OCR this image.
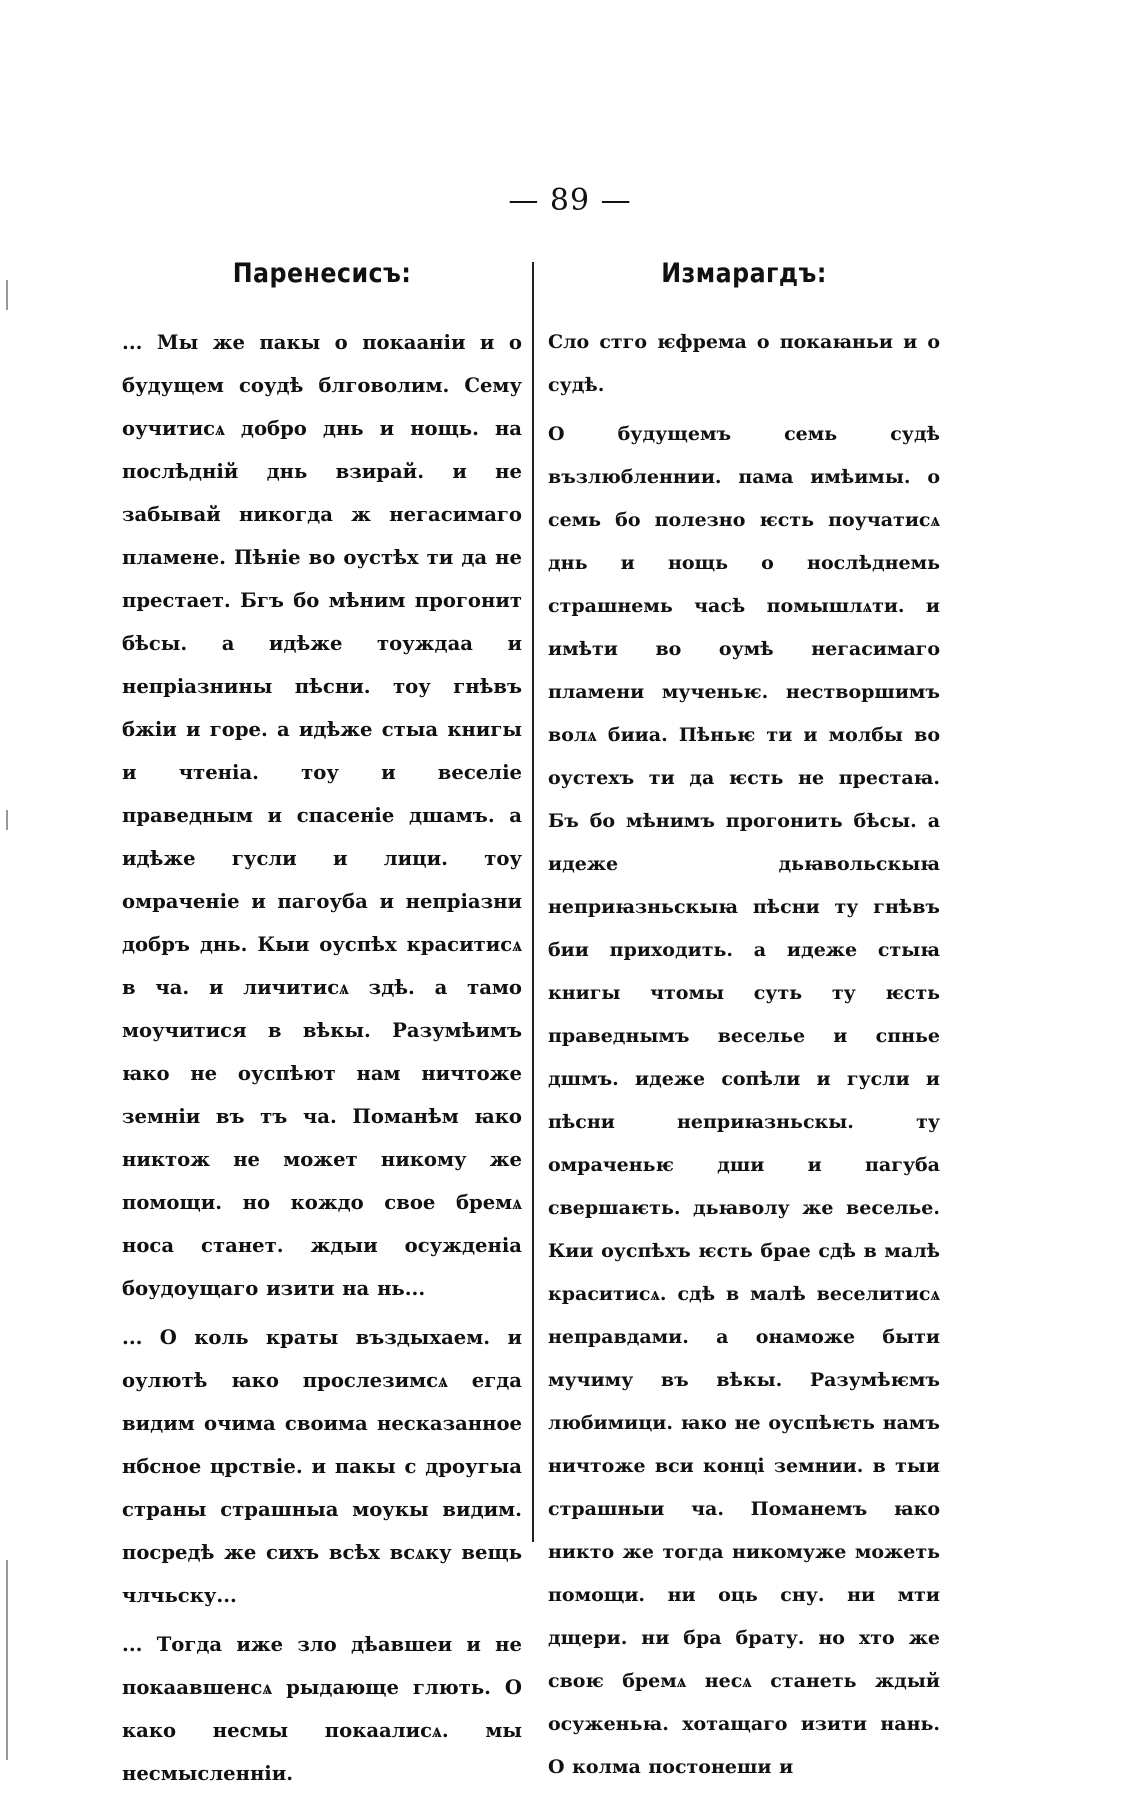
— 89 —
Паренесисъ:

... Мы же пакы о покаанiи и о будущем соудѣ блговолим. Сему оучитисѧ добро днь и нощь. на послѣднiй днь взирай. и не забывай никогда ж негасимаго пламене. Пѣнiе во оустѣх ти да не престает. Бгъ бо мѣним прогонит бѣсы. а идѣже тоуждаа и непрiазнины пѣсни. тоу гнѣвъ бжiи и горе. а идѣже стыа книгы и чтенiа. тоу и веселiе праведным и спасенiе дшамъ. а идѣже гусли и лици. тоу омраченiе и пагоуба и непрiазни добръ днь. Кыи оуспѣх краситисѧ в ча. и личитисѧ здѣ. а тамо моучитися в вѣкы. Разумѣимъ ꙗко не оуспѣют нам ничтоже земнiи въ тъ ча. Поманѣм ꙗко никтож не может никому же помощи. но кождо свое бремѧ носа станет. ждыи осужденiа боудоущаго изити на нь...

... О коль краты въздыхаем. и оулютѣ ꙗко прослезимсѧ егда видим очима своима несказанное нбсное црствiе. и пакы с дроугыа страны страшныа моукы видим. посредѣ же сихъ всѣх всѧку вещь члчьску...

... Тогда иже зло дѣавшеи и не покаавшенсѧ рыдающе глють. О како несмы покаалисѧ. мы несмысленнiи.

Измарагдъ:

Сло стго ѥфрема о покаꙗньи и о судѣ.

О будущемъ семь судѣ възлюбленнии. пама имѣимы. о семь бо полезно ѥсть поучатисѧ днь и нощь о нослѣднемь страшнемь часѣ помышлѧти. и имѣти во оумѣ негасимаго пламени мученьѥ. нестворшимъ волѧ бииа. Пѣньѥ ти и молбы во оустехъ ти да ѥсть не престаꙗ. Бъ бо мѣнимъ прогонить бѣсы. а идеже дьꙗвольскыꙗ неприꙗзньскыꙗ пѣсни ту гнѣвъ бии приходить. а идеже стыꙗ книгы чтомы суть ту ѥсть праведнымъ веселье и спнье дшмъ. идеже сопѣли и гусли и пѣсни неприꙗзньскы. ту омраченьѥ дши и пагуба свершаѥть. дьꙗволу же веселье. Кии оуспѣхъ ѥсть брае сдѣ в малѣ краситисѧ. сдѣ в малѣ веселитисѧ неправдами. а онаможе быти мучиму въ вѣкы. Разумѣѥмъ любимици. ꙗко не оуспѣѥть намъ ничтоже вси концi земнии. в тыи страшныи ча. Поманемъ ꙗко никто же тогда никомуже можеть помощи. ни оць сну. ни мти дщери. ни бра брату. но хто же своѥ бремѧ несѧ станеть ждый осуженьꙗ. хотащаго изити нань. О колма постонеши и
